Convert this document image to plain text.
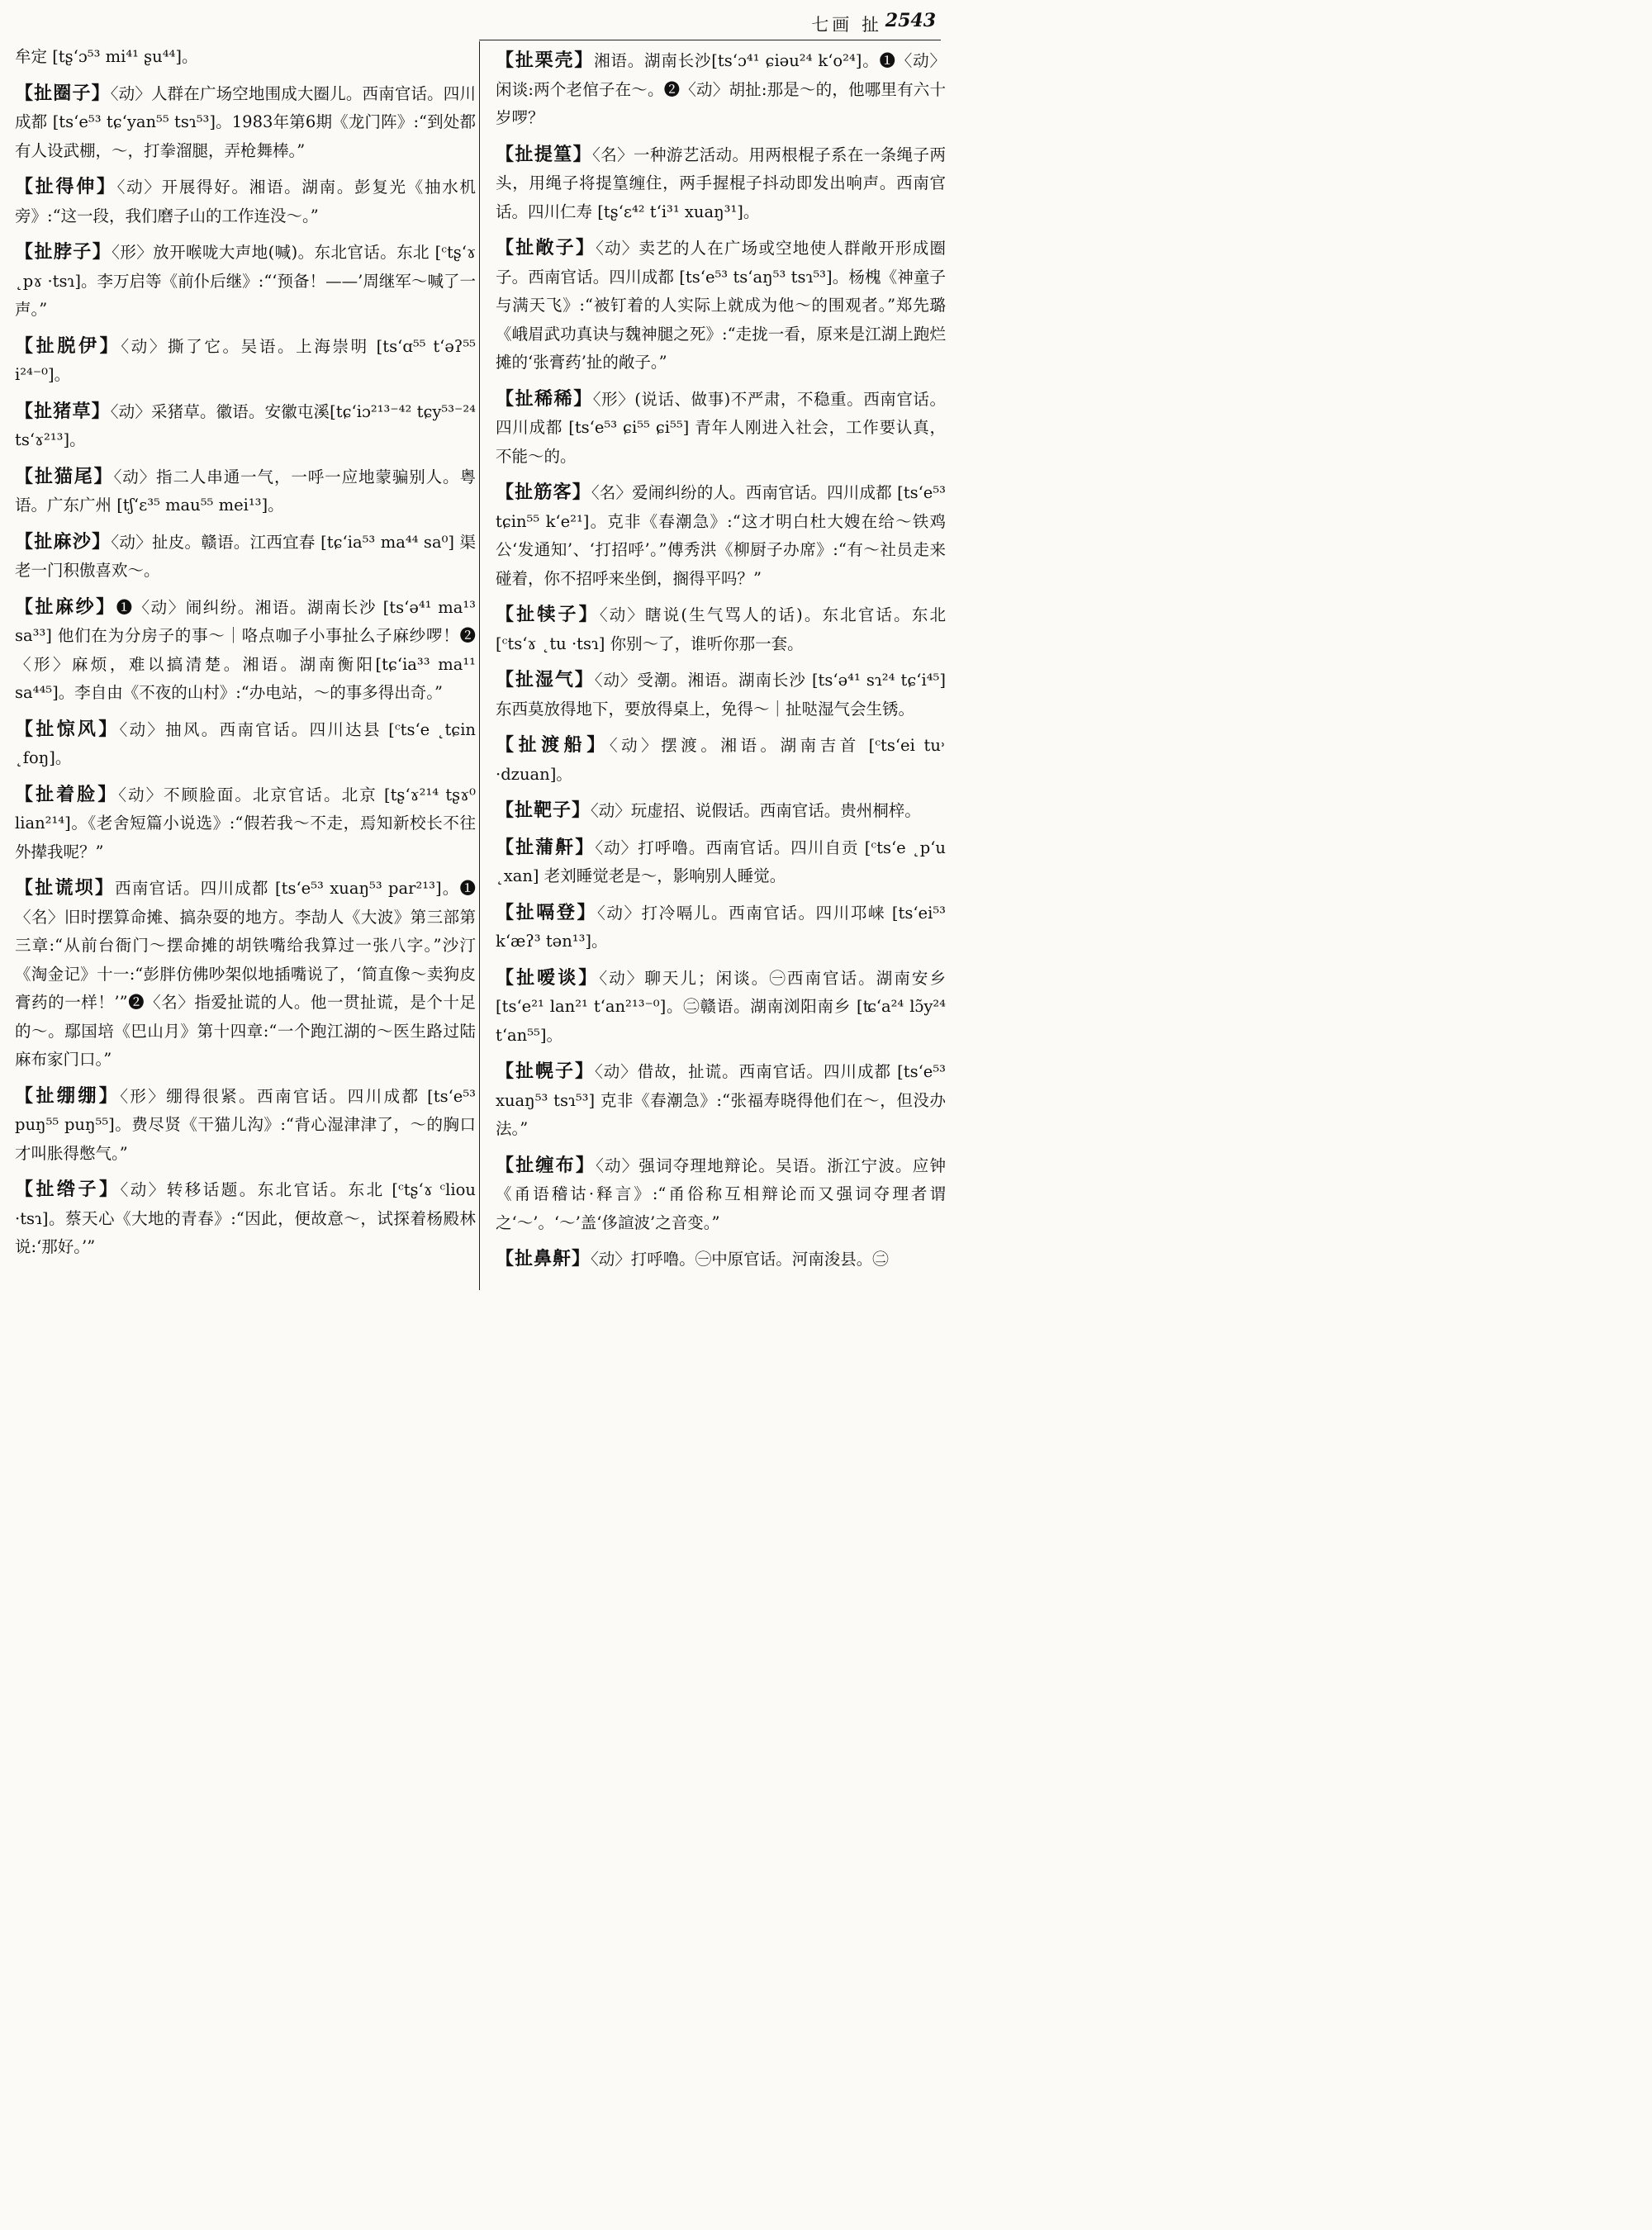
七画 扯 2543
牟定 [tʂʻɔ⁵³ mi⁴¹ ʂu⁴⁴]。
【扯圈子】〈动〉人群在广场空地围成大圈儿。西南官话。四川成都 [tsʻe⁵³ tɕʻyan⁵⁵ tsɿ⁵³]。1983年第6期《龙门阵》:“到处都有人设武棚，～，打拳溜腿，弄枪舞棒。”
【扯得伸】〈动〉开展得好。湘语。湖南。彭复光《抽水机旁》:“这一段，我们磨子山的工作连没～。”
【扯脖子】〈形〉放开喉咙大声地(喊)。东北官话。东北 [ᶜtʂʻɤ ˛pɤ ·tsɿ]。李万启等《前仆后继》:“‘预备！——’周继军～喊了一声。”
【扯脱伊】〈动〉撕了它。吴语。上海崇明 [tsʻɑ⁵⁵ tʻəʔ⁵⁵ i²⁴⁻⁰]。
【扯猪草】〈动〉采猪草。徽语。安徽屯溪[tɕʻiɔ²¹³⁻⁴² tɕy⁵³⁻²⁴ tsʻɤ²¹³]。
【扯猫尾】〈动〉指二人串通一气，一呼一应地蒙骗别人。粤语。广东广州 [tʃʻɛ³⁵ mau⁵⁵ mei¹³]。
【扯麻沙】〈动〉扯皮。赣语。江西宜春 [tɕʻia⁵³ ma⁴⁴ sa⁰] 渠老一门积傲喜欢～。
【扯麻纱】❶〈动〉闹纠纷。湘语。湖南长沙 [tsʻə⁴¹ ma¹³ sa³³] 他们在为分房子的事～｜咯点咖子小事扯么子麻纱啰！❷〈形〉麻烦，难以搞清楚。湘语。湖南衡阳[tɕʻia³³ ma¹¹ sa⁴⁴⁵]。李自由《不夜的山村》:“办电站，～的事多得出奇。”
【扯惊风】〈动〉抽风。西南官话。四川达县 [ᶜtsʻe ˛tɕin ˛foŋ]。
【扯着脸】〈动〉不顾脸面。北京官话。北京 [tʂʻɤ²¹⁴ tʂɤ⁰ lian²¹⁴]。《老舍短篇小说选》:“假若我～不走，焉知新校长不往外撵我呢？”
【扯谎坝】西南官话。四川成都 [tsʻe⁵³ xuaŋ⁵³ par²¹³]。❶〈名〉旧时摆算命摊、搞杂耍的地方。李劼人《大波》第三部第三章:“从前台衙门～摆命摊的胡铁嘴给我算过一张八字。”沙汀《淘金记》十一:“彭胖仿佛吵架似地插嘴说了，‘简直像～卖狗皮膏药的一样！’”❷〈名〉指爱扯谎的人。他一贯扯谎，是个十足的～。鄢国培《巴山月》第十四章:“一个跑江湖的～医生路过陆麻布家门口。”
【扯绷绷】〈形〉绷得很紧。西南官话。四川成都 [tsʻe⁵³ puŋ⁵⁵ puŋ⁵⁵]。费尽贤《干猫儿沟》:“背心湿津津了，～的胸口才叫胀得憋气。”
【扯绺子】〈动〉转移话题。东北官话。东北 [ᶜtʂʻɤ ᶜliou ·tsɿ]。蔡天心《大地的青春》:“因此，便故意～，试探着杨殿林说:‘那好。’”
【扯栗壳】湘语。湖南长沙[tsʻɔ⁴¹ ɕiəu²⁴ kʻo²⁴]。❶〈动〉闲谈:两个老倌子在～。❷〈动〉胡扯:那是～的，他哪里有六十岁啰？
【扯提篁】〈名〉一种游艺活动。用两根棍子系在一条绳子两头，用绳子将提篁缠住，两手握棍子抖动即发出响声。西南官话。四川仁寿 [tʂʻɛ⁴² tʻi³¹ xuaŋ³¹]。
【扯敞子】〈动〉卖艺的人在广场或空地使人群敞开形成圈子。西南官话。四川成都 [tsʻe⁵³ tsʻaŋ⁵³ tsɿ⁵³]。杨槐《神童子与满天飞》:“被钉着的人实际上就成为他～的围观者。”郑先璐《峨眉武功真诀与魏神腿之死》:“走拢一看，原来是江湖上跑烂摊的‘张膏药’扯的敞子。”
【扯稀稀】〈形〉(说话、做事)不严肃，不稳重。西南官话。四川成都 [tsʻe⁵³ ɕi⁵⁵ ɕi⁵⁵] 青年人刚进入社会，工作要认真，不能～的。
【扯筋客】〈名〉爱闹纠纷的人。西南官话。四川成都 [tsʻe⁵³ tɕin⁵⁵ kʻe²¹]。克非《春潮急》:“这才明白杜大嫂在给～铁鸡公‘发通知’、‘打招呼’。”傅秀洪《柳厨子办席》:“有～社员走来碰着，你不招呼来坐倒，搁得平吗？”
【扯犊子】〈动〉瞎说(生气骂人的话)。东北官话。东北 [ᶜtsʻɤ ˛tu ·tsɿ] 你别～了，谁听你那一套。
【扯湿气】〈动〉受潮。湘语。湖南长沙 [tsʻə⁴¹ sɿ²⁴ tɕʻi⁴⁵] 东西莫放得地下，要放得桌上，免得～｜扯哒湿气会生锈。
【扯渡船】〈动〉摆渡。湘语。湖南吉首 [ᶜtsʻei tu˒ ·dzuan]。
【扯靶子】〈动〉玩虚招、说假话。西南官话。贵州桐梓。
【扯蒲鼾】〈动〉打呼噜。西南官话。四川自贡 [ᶜtsʻe ˛pʻu ˛xan] 老刘睡觉老是～，影响别人睡觉。
【扯嗝登】〈动〉打冷嗝儿。西南官话。四川邛崃 [tsʻei⁵³ kʻæʔ³ tən¹³]。
【扯嗳谈】〈动〉聊天儿；闲谈。㊀西南官话。湖南安乡 [tsʻe²¹ lan²¹ tʻan²¹³⁻⁰]。㊁赣语。湖南浏阳南乡 [ʨʻa²⁴ lɔ̃y²⁴ tʻan⁵⁵]。
【扯幌子】〈动〉借故，扯谎。西南官话。四川成都 [tsʻe⁵³ xuaŋ⁵³ tsɿ⁵³] 克非《春潮急》:“张福寿晓得他们在～，但没办法。”
【扯缠布】〈动〉强词夺理地辩论。吴语。浙江宁波。应钟《甬语稽诂·释言》:“甬俗称互相辩论而又强词夺理者谓之‘～’。‘～’盖‘侈諠波’之音变。”
【扯鼻鼾】〈动〉打呼噜。㊀中原官话。河南浚县。㊁
